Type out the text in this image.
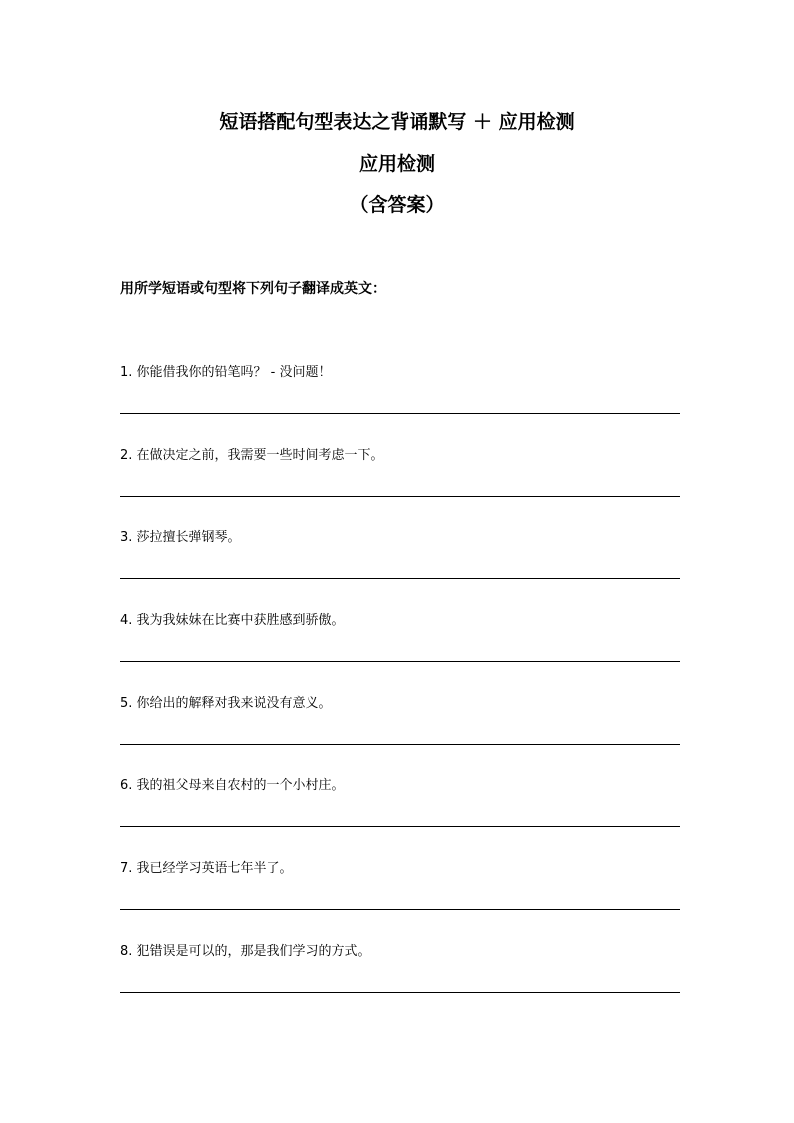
短语搭配句型表达之背诵默写 ＋ 应用检测
应用检测
（含答案）

用所学短语或句型将下列句子翻译成英文：

1. 你能借我你的铅笔吗？ - 没问题！
2. 在做决定之前，我需要一些时间考虑一下。
3. 莎拉擅长弹钢琴。
4. 我为我妹妹在比赛中获胜感到骄傲。
5. 你给出的解释对我来说没有意义。
6. 我的祖父母来自农村的一个小村庄。
7. 我已经学习英语七年半了。
8. 犯错误是可以的，那是我们学习的方式。
